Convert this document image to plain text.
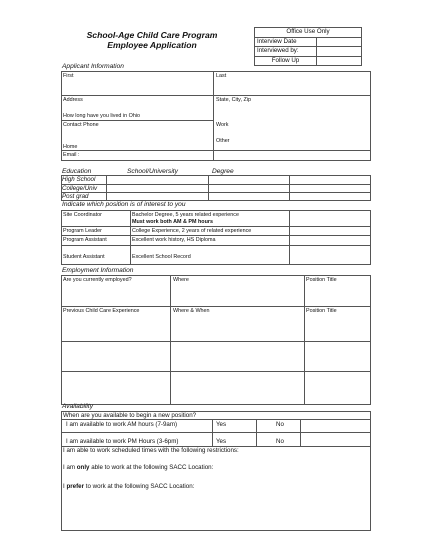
School-Age Child Care Program
Employee Application
Office Use Only	
Interview Date	
Interviewed by:	
Follow Up	
Applicant Information
First	Last
Address	State, City, Zip
How long have you lived in Ohio
Contact Phone	Work
Other
Home
Email :
Education	School/University	Degree
High School
College/Univ
Post grad
Indicate which position is of interest to you
Site Coordinator	Bachelor Degree, 5 years related experience
Must work both AM & PM hours
Program Leader	College Experience, 2 years of related experience
Program Assistant	Excellent work history, HS Diploma
Student Assistant	Excellent School Record
Employment Information
Are you currently employed?	Where	Position Title
Previous Child Care Experience	Where & When	Position Title
Availability
When are you available to begin a new position?
I am available to work AM hours (7-9am)	Yes	No
I am available to work PM Hours (3-6pm)	Yes	No
I am able to work scheduled times with the following restrictions:
I am only able to work at the following SACC Location:
I prefer to work at the following SACC Location:
